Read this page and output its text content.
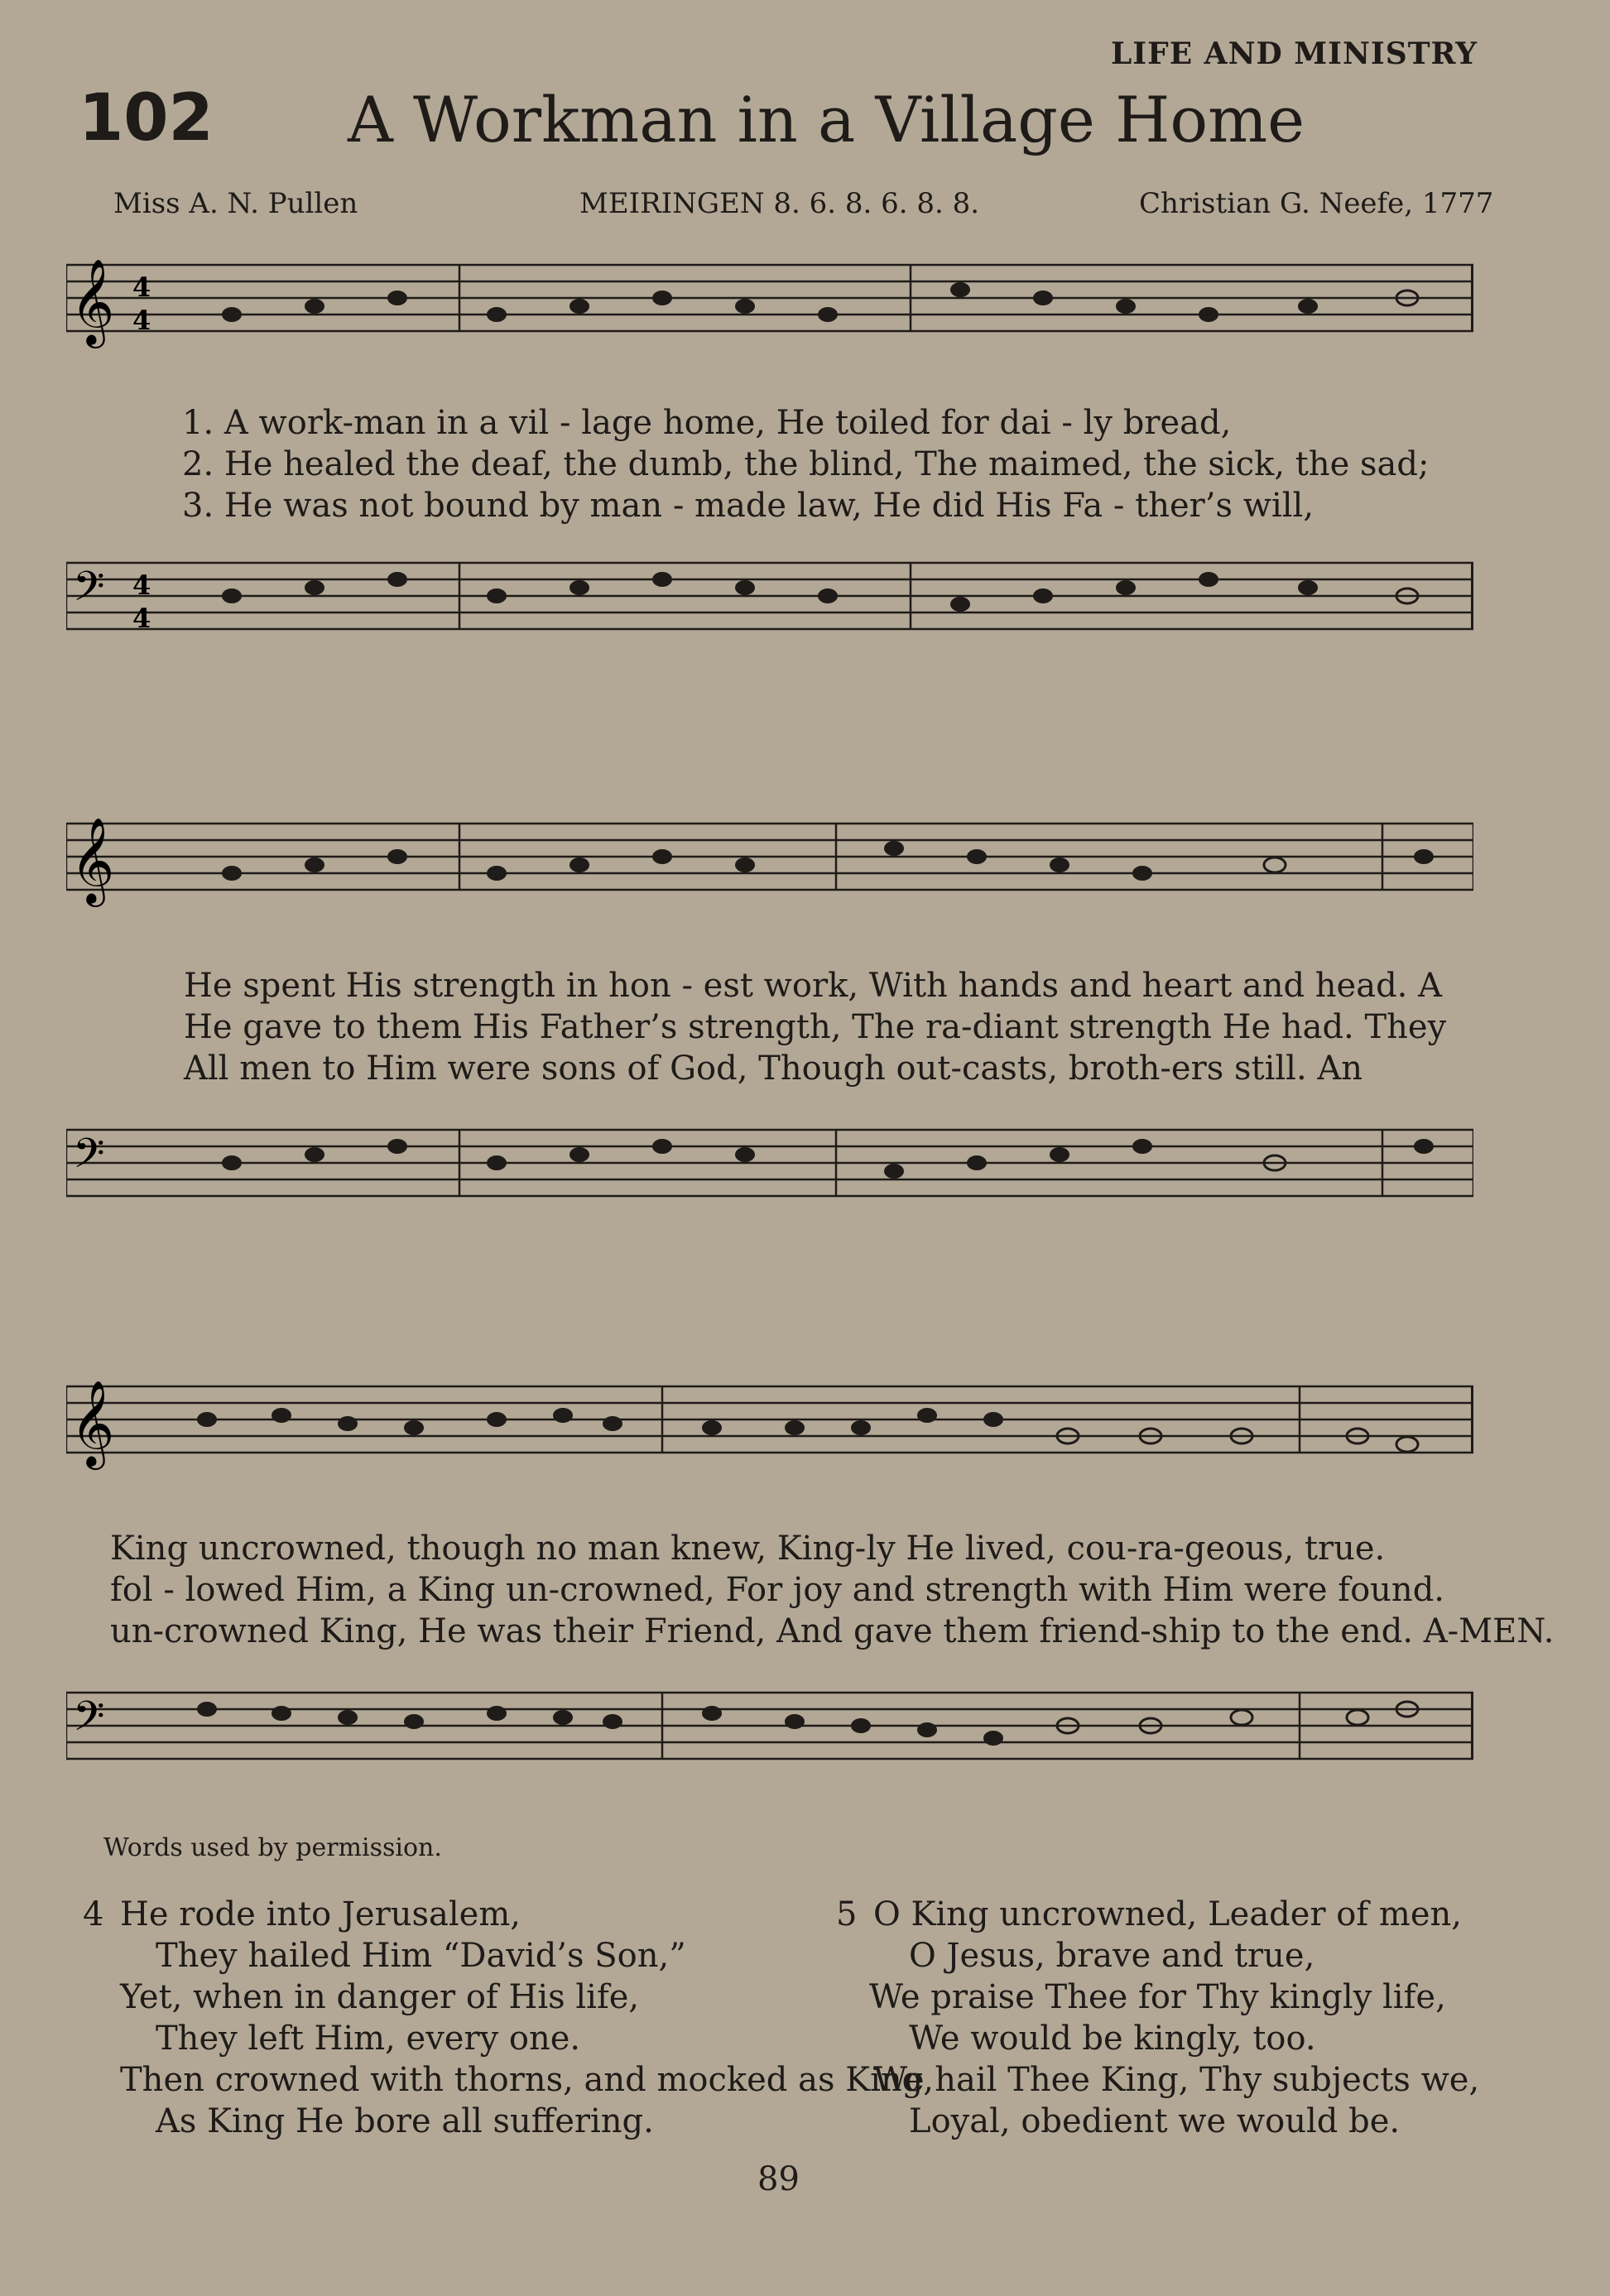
LIFE AND MINISTRY
102 A Workman in a Village Home
Miss A. N. Pullen	MEIRINGEN 8. 6. 8. 6. 8. 8.	Christian G. Neefe, 1777
𝄞 4
4
1. A work-man in a vil - lage home, He toiled for dai - ly bread,
2. He healed the deaf, the dumb, the blind, The maimed, the sick, the sad;
3. He was not bound by man - made law, He did His Fa - ther’s will,
𝄢 4
4
𝄞
He spent His strength in hon - est work, With hands and heart and head. A
He gave to them His Father’s strength, The ra-diant strength He had. They
All men to Him were sons of God, Though out-casts, broth-ers still. An
𝄢
𝄞
King uncrowned, though no man knew, King-ly He lived, cou-ra-geous, true.
fol - lowed Him, a King un-crowned, For joy and strength with Him were found.
un-crowned King, He was their Friend, And gave them friend-ship to the end. A-MEN.
𝄢
Words used by permission.
4 He rode into Jerusalem,
They hailed Him “David’s Son,”
Yet, when in danger of His life,
They left Him, every one.
Then crowned with thorns, and mocked as King,
As King He bore all suffering.
5 O King uncrowned, Leader of men,
O Jesus, brave and true,
We praise Thee for Thy kingly life,
We would be kingly, too.
We hail Thee King, Thy subjects we,
Loyal, obedient we would be.
89
